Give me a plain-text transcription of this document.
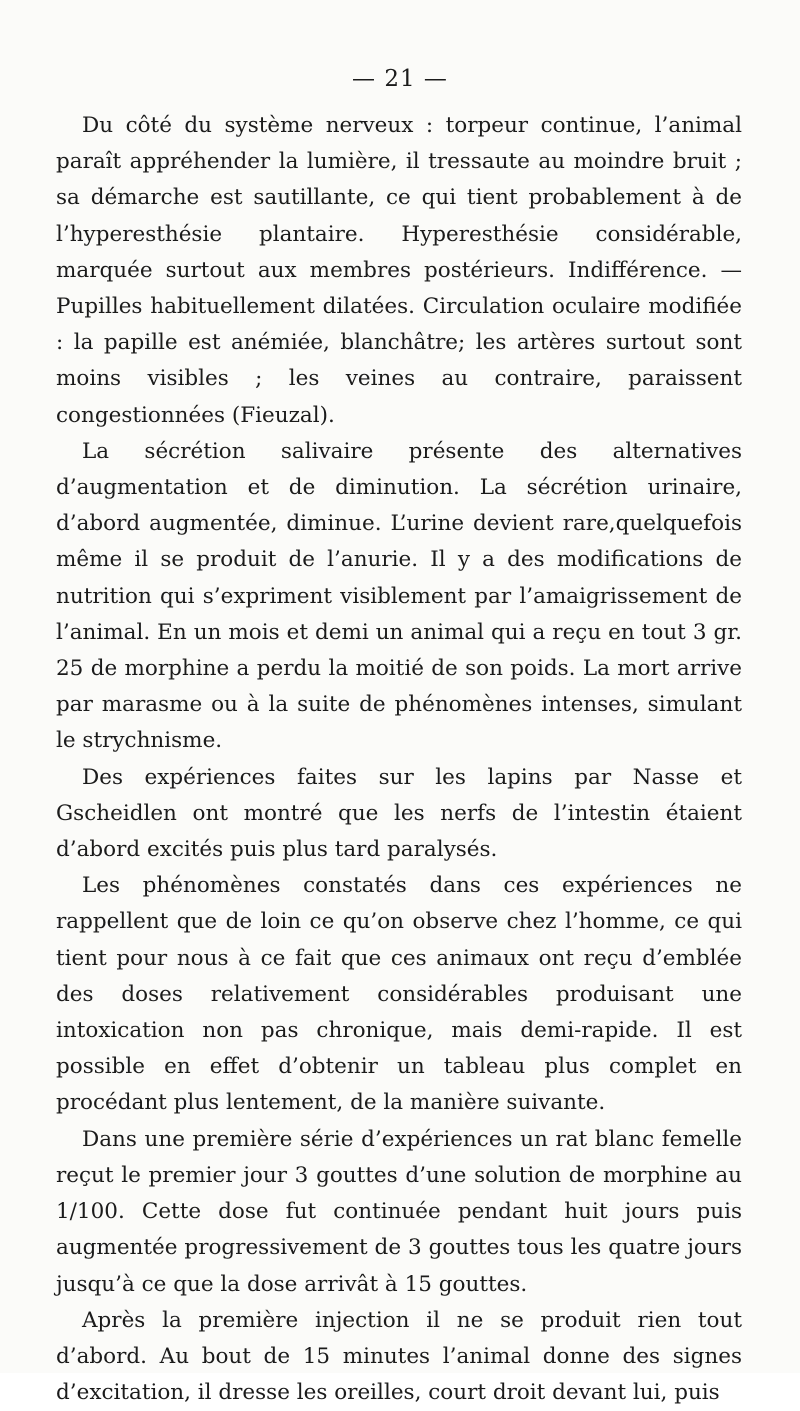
— 21 —

Du côté du système nerveux : torpeur continue, l’animal paraît appréhender la lumière, il tressaute au moindre bruit ; sa démarche est sautillante, ce qui tient probablement à de l’hyperesthésie plantaire. Hyperesthésie considérable, marquée surtout aux membres postérieurs. Indifférence. — Pupilles habituellement dilatées. Circulation oculaire modifiée : la papille est anémiée, blanchâtre; les artères surtout sont moins visibles ; les veines au contraire, paraissent congestionnées (Fieuzal).

La sécrétion salivaire présente des alternatives d’augmentation et de diminution. La sécrétion urinaire, d’abord augmentée, diminue. L’urine devient rare,quelquefois même il se produit de l’anurie. Il y a des modifications de nutrition qui s’expriment visiblement par l’amaigrissement de l’animal. En un mois et demi un animal qui a reçu en tout 3 gr. 25 de morphine a perdu la moitié de son poids. La mort arrive par marasme ou à la suite de phénomènes intenses, simulant le strychnisme.

Des expériences faites sur les lapins par Nasse et Gscheidlen ont montré que les nerfs de l’intestin étaient d’abord excités puis plus tard paralysés.

Les phénomènes constatés dans ces expériences ne rappellent que de loin ce qu’on observe chez l’homme, ce qui tient pour nous à ce fait que ces animaux ont reçu d’emblée des doses relativement considérables produisant une intoxication non pas chronique, mais demi-rapide. Il est possible en effet d’obtenir un tableau plus complet en procédant plus lentement, de la manière suivante.

Dans une première série d’expériences un rat blanc femelle reçut le premier jour 3 gouttes d’une solution de morphine au 1/100. Cette dose fut continuée pendant huit jours puis augmentée progressivement de 3 gouttes tous les quatre jours jusqu’à ce que la dose arrivât à 15 gouttes.

Après la première injection il ne se produit rien tout d’abord. Au bout de 15 minutes l’animal donne des signes d’excitation, il dresse les oreilles, court droit devant lui, puis
